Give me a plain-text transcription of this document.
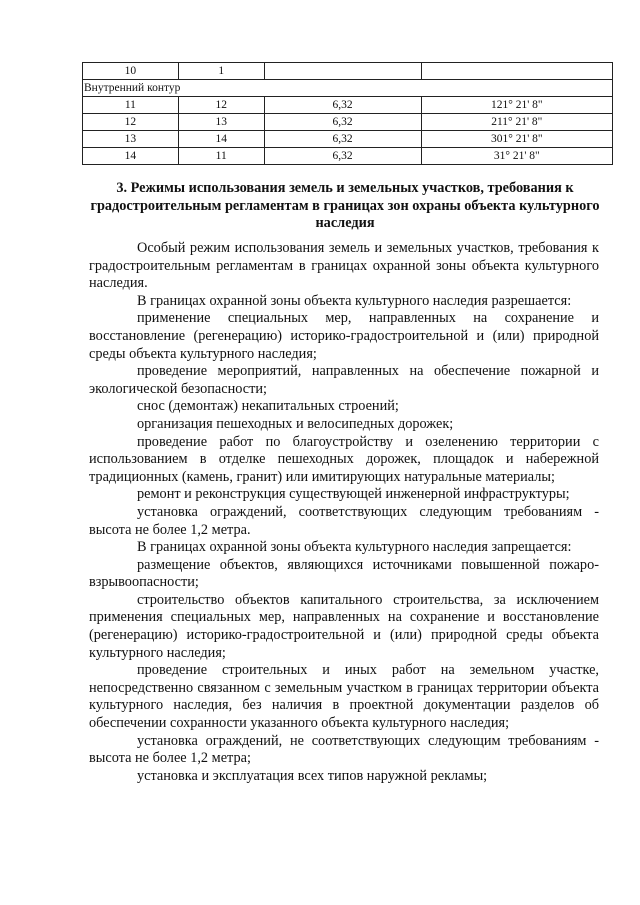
10	1		
Внутренний контур			
11	12	6,32	121° 21' 8"
12	13	6,32	211° 21' 8"
13	14	6,32	301° 21' 8"
14	11	6,32	31° 21' 8"
3. Режимы использования земель и земельных участков, требования к градостроительным регламентам в границах зон охраны объекта культурного наследия

Особый режим использования земель и земельных участков, требования к градостроительным регламентам в границах охранной зоны объекта культурного наследия.

В границах охранной зоны объекта культурного наследия разрешается:

применение специальных мер, направленных на сохранение и восстановление (регенерацию) историко-градостроительной и (или) природной среды объекта культурного наследия;

проведение мероприятий, направленных на обеспечение пожарной и экологической безопасности;

снос (демонтаж) некапитальных строений;

организация пешеходных и велосипедных дорожек;

проведение работ по благоустройству и озеленению территории с использованием в отделке пешеходных дорожек, площадок и набережной традиционных (камень, гранит) или имитирующих натуральные материалы;

ремонт и реконструкция существующей инженерной инфраструктуры;

установка ограждений, соответствующих следующим требованиям - высота не более 1,2 метра.

В границах охранной зоны объекта культурного наследия запрещается:

размещение объектов, являющихся источниками повышенной пожаро-взрывоопасности;

строительство объектов капитального строительства, за исключением применения специальных мер, направленных на сохранение и восстановление (регенерацию) историко-градостроительной и (или) природной среды объекта культурного наследия;

проведение строительных и иных работ на земельном участке, непосредственно связанном с земельным участком в границах территории объекта культурного наследия, без наличия в проектной документации разделов об обеспечении сохранности указанного объекта культурного наследия;

установка ограждений, не соответствующих следующим требованиям - высота не более 1,2 метра;

установка и эксплуатация всех типов наружной рекламы;
